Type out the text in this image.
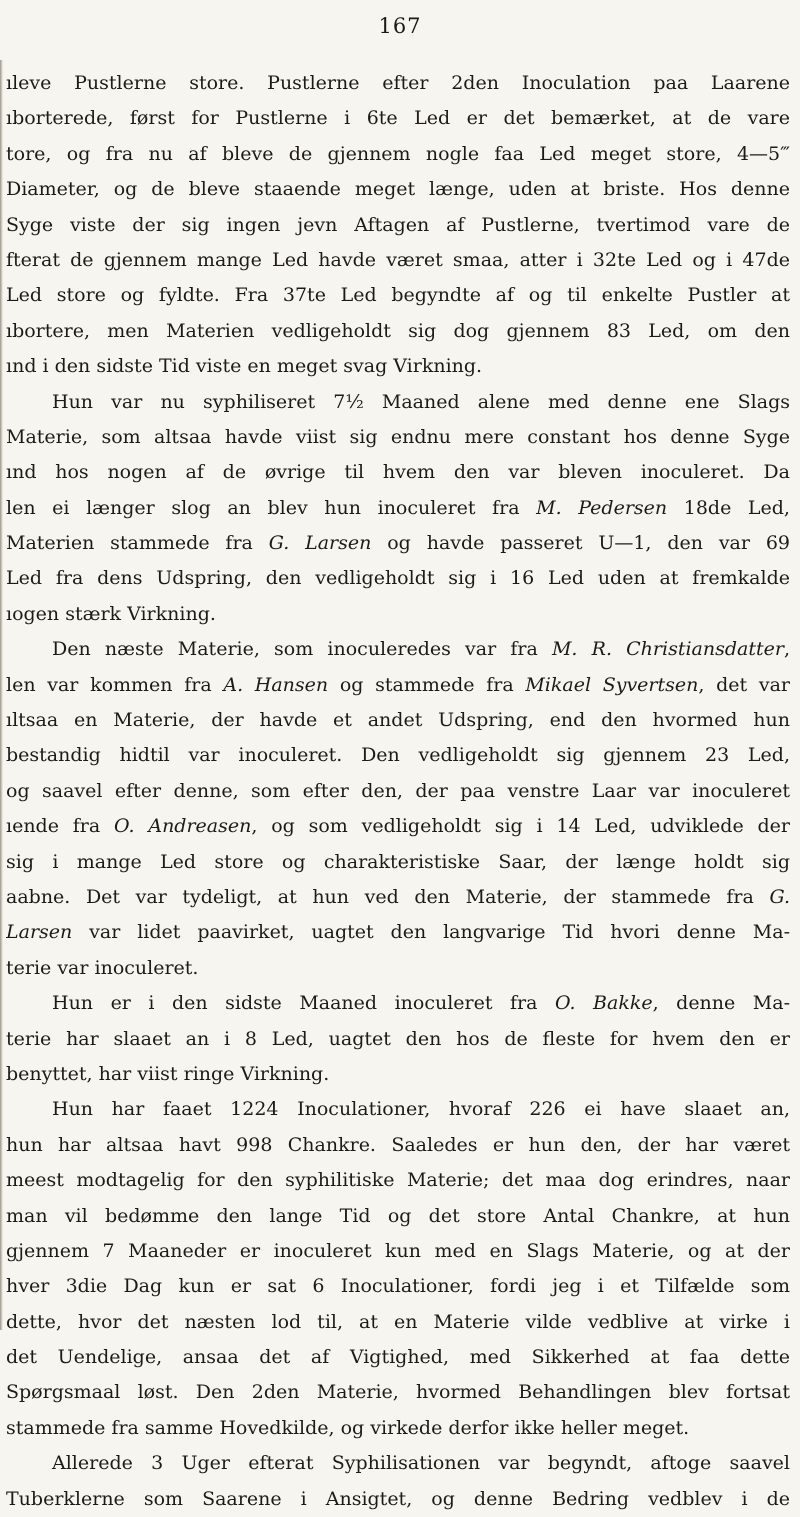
167
ıleve Pustlerne store. Pustlerne efter 2den Inoculation paa Laarene
ıborterede, først for Pustlerne i 6te Led er det bemærket, at de vare
tore, og fra nu af bleve de gjennem nogle faa Led meget store, 4—5‴
Diameter, og de bleve staaende meget længe, uden at briste. Hos denne
Syge viste der sig ingen jevn Aftagen af Pustlerne, tvertimod vare de
fterat de gjennem mange Led havde været smaa, atter i 32te Led og i 47de
Led store og fyldte. Fra 37te Led begyndte af og til enkelte Pustler at
ıbortere, men Materien vedligeholdt sig dog gjennem 83 Led, om den
ınd i den sidste Tid viste en meget svag Virkning.
Hun var nu syphiliseret 7½ Maaned alene med denne ene Slags
Materie, som altsaa havde viist sig endnu mere constant hos denne Syge
ınd hos nogen af de øvrige til hvem den var bleven inoculeret. Da
len ei længer slog an blev hun inoculeret fra M. Pedersen 18de Led,
Materien stammede fra G. Larsen og havde passeret U—1, den var 69
Led fra dens Udspring, den vedligeholdt sig i 16 Led uden at fremkalde
ıogen stærk Virkning.
Den næste Materie, som inoculeredes var fra M. R. Christiansdatter,
len var kommen fra A. Hansen og stammede fra Mikael Syvertsen, det var
ıltsaa en Materie, der havde et andet Udspring, end den hvormed hun
bestandig hidtil var inoculeret. Den vedligeholdt sig gjennem 23 Led,
og saavel efter denne, som efter den, der paa venstre Laar var inoculeret
ıende fra O. Andreasen, og som vedligeholdt sig i 14 Led, udviklede der
sig i mange Led store og charakteristiske Saar, der længe holdt sig
aabne. Det var tydeligt, at hun ved den Materie, der stammede fra G.
Larsen var lidet paavirket, uagtet den langvarige Tid hvori denne Ma-
terie var inoculeret.
Hun er i den sidste Maaned inoculeret fra O. Bakke, denne Ma-
terie har slaaet an i 8 Led, uagtet den hos de fleste for hvem den er
benyttet, har viist ringe Virkning.
Hun har faaet 1224 Inoculationer, hvoraf 226 ei have slaaet an,
hun har altsaa havt 998 Chankre. Saaledes er hun den, der har været
meest modtagelig for den syphilitiske Materie; det maa dog erindres, naar
man vil bedømme den lange Tid og det store Antal Chankre, at hun
gjennem 7 Maaneder er inoculeret kun med en Slags Materie, og at der
hver 3die Dag kun er sat 6 Inoculationer, fordi jeg i et Tilfælde som
dette, hvor det næsten lod til, at en Materie vilde vedblive at virke i
det Uendelige, ansaa det af Vigtighed, med Sikkerhed at faa dette
Spørgsmaal løst. Den 2den Materie, hvormed Behandlingen blev fortsat
stammede fra samme Hovedkilde, og virkede derfor ikke heller meget.
Allerede 3 Uger efterat Syphilisationen var begyndt, aftoge saavel
Tuberklerne som Saarene i Ansigtet, og denne Bedring vedblev i de
